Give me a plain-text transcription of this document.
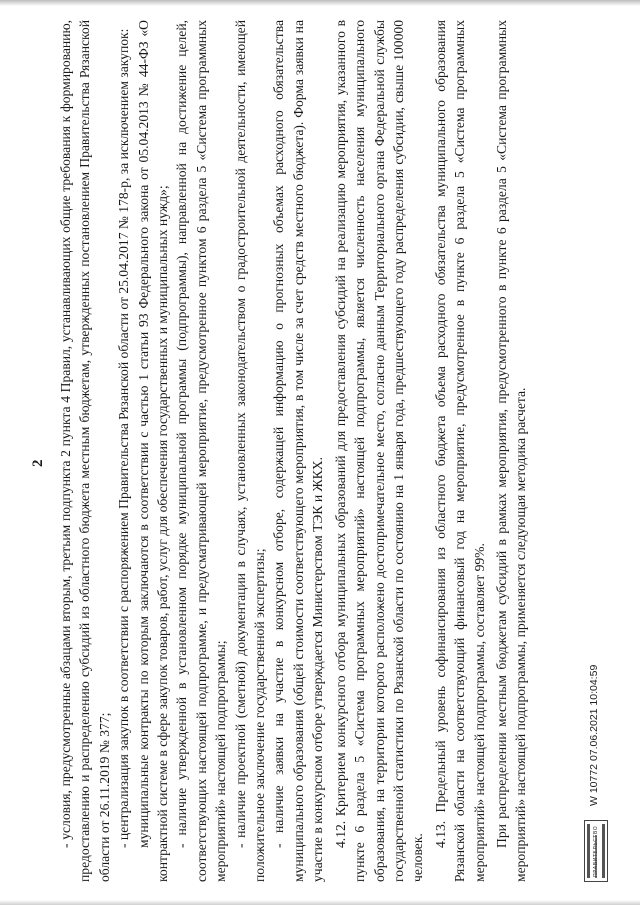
2 - условия, предусмотренные абзацами вторым, третьим подпункта 2 пункта 4 Правил, устанавливающих общие требования к формированию, предоставлению и распределению субсидий из областного бюджета местным бюджетам, утвержденных постановлением Правительства Рязанской области от 26.11.2019 № 377; - централизация закупок в соответствии с распоряжением Правительства Рязанской области от 25.04.2017 № 178-р, за исключением закупок: муниципальные контракты по которым заключаются в соответствии с частью 1 статьи 93 Федерального закона от 05.04.2013 № 44-ФЗ «О контрактной системе в сфере закупок товаров, работ, услуг для обеспечения государственных и муниципальных нужд»; - наличие утвержденной в установленном порядке муниципальной программы (подпрограммы), направленной на достижение целей, соответствующих настоящей подпрограмме, и предусматривающей мероприятие, предусмотренное пунктом 6 раздела 5 «Система программных мероприятий» настоящей подпрограммы; - наличие проектной (сметной) документации в случаях, установленных законодательством о градостроительной деятельности, имеющей положительное заключение государственной экспертизы; - наличие заявки на участие в конкурсном отборе, содержащей информацию о прогнозных объемах расходного обязательства муниципального образования (общей стоимости соответствующего мероприятия, в том числе за счет средств местного бюджета). Форма заявки на участие в конкурсном отборе утверждается Министерством ТЭК и ЖКХ. 4.12. Критерием конкурсного отбора муниципальных образований для предоставления субсидий на реализацию мероприятия, указанного в пункте 6 раздела 5 «Система программных мероприятий» настоящей подпрограммы, является численность населения муниципального образования, на территории которого расположено достопримечательное место, согласно данным Территориального органа Федеральной службы государственной статистики по Рязанской области по состоянию на 1 января года, предшествующего году распределения субсидии, свыше 100000 человек.

4.13. Предельный уровень софинансирования из областного бюджета объема расходного обязательства муниципального образования Рязанской области на соответствующий финансовый год на мероприятие, предусмотренное в пункте 6 раздела 5 «Система программных мероприятий» настоящей подпрограммы, составляет 99%. При распределении местным бюджетам субсидий в рамках мероприятия, предусмотренного в пункте 6 раздела 5 «Система программных мероприятий» настоящей подпрограммы, применяется следующая методика расчета.	ПРАВИТЕЛЬСТВО
W 10772 07.06.2021 10:04:59
